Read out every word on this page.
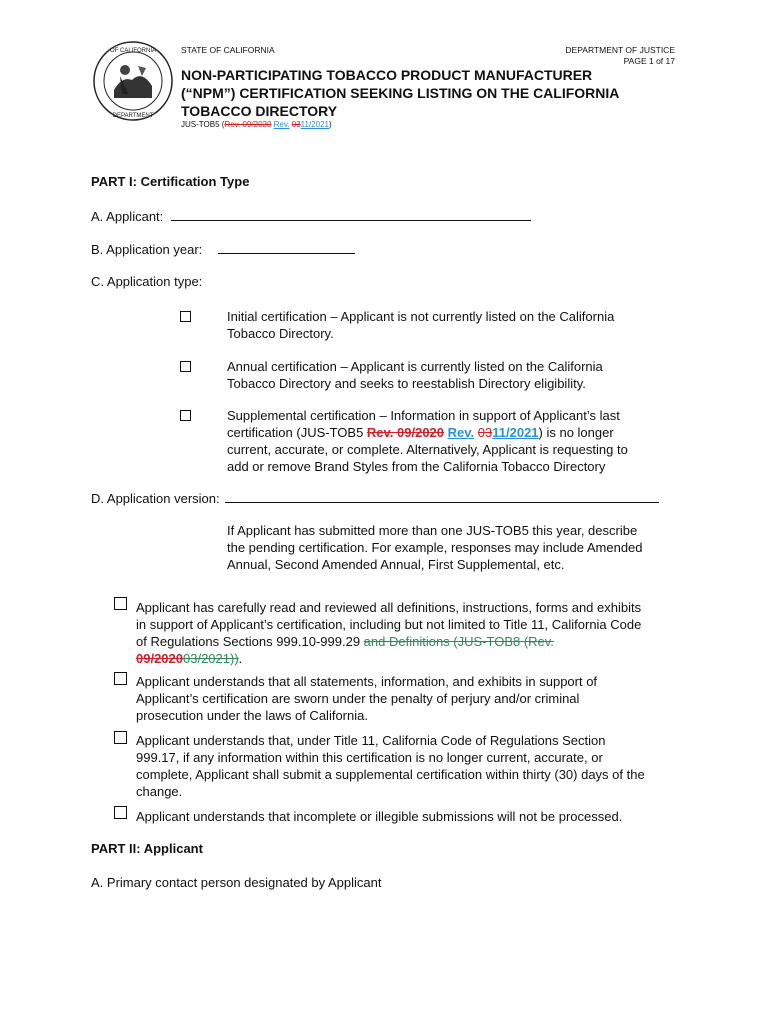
OF CALIFORNIA
DEPARTMENT
STATE OF CALIFORNIA	DEPARTMENT OF JUSTICE
PAGE 1 of 17
NON-PARTICIPATING TOBACCO PRODUCT MANUFACTURER
(“NPM”) CERTIFICATION SEEKING LISTING ON THE CALIFORNIA
TOBACCO DIRECTORY
JUS-TOB5 (Rev. 09/2020 Rev. 0311/2021)
PART I: Certification Type
A. Applicant:
B. Application year:
C. Application type:
Initial certification – Applicant is not currently listed on the California
Tobacco Directory.
Annual certification – Applicant is currently listed on the California
Tobacco Directory and seeks to reestablish Directory eligibility.
Supplemental certification – Information in support of Applicant’s last
certification (JUS-TOB5 Rev. 09/2020 Rev. 0311/2021) is no longer
current, accurate, or complete. Alternatively, Applicant is requesting to
add or remove Brand Styles from the California Tobacco Directory
D. Application version:
If Applicant has submitted more than one JUS-TOB5 this year, describe
the pending certification. For example, responses may include Amended
Annual, Second Amended Annual, First Supplemental, etc.
Applicant has carefully read and reviewed all definitions, instructions, forms and exhibits
in support of Applicant’s certification, including but not limited to Title 11, California Code
of Regulations Sections 999.10-999.29 and Definitions (JUS-TOB8 (Rev.
09/202003/2021)).
Applicant understands that all statements, information, and exhibits in support of
Applicant’s certification are sworn under the penalty of perjury and/or criminal
prosecution under the laws of California.
Applicant understands that, under Title 11, California Code of Regulations Section
999.17, if any information within this certification is no longer current, accurate, or
complete, Applicant shall submit a supplemental certification within thirty (30) days of the
change.
Applicant understands that incomplete or illegible submissions will not be processed.
PART II: Applicant
A. Primary contact person designated by Applicant
